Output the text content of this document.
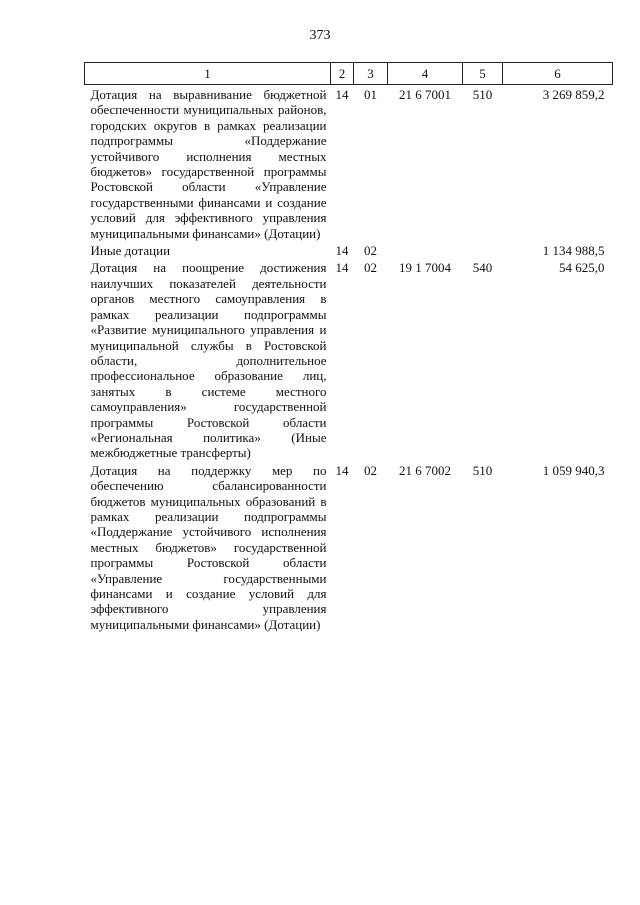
373
1	2	3	4	5	6
Дотация на выравнивание бюджетной обеспеченности муниципальных районов, городских округов в рамках реализации подпрограммы «Поддержание устойчивого исполнения местных бюджетов» государственной программы Ростовской области «Управление государственными финансами и создание условий для эффективного управления муниципальными финансами» (Дотации)	14	01	21 6 7001	510	3 269 859,2
Иные дотации	14	02			1 134 988,5
Дотация на поощрение достижения наилучших показателей деятельности органов местного самоуправления в рамках реализации подпрограммы «Развитие муниципального управления и муниципальной службы в Ростовской области, дополнительное профессиональное образование лиц, занятых в системе местного самоуправления» государственной программы Ростовской области «Региональная политика» (Иные межбюджетные трансферты)	14	02	19 1 7004	540	54 625,0
Дотация на поддержку мер по обеспечению сбалансированности бюджетов муниципальных образований в рамках реализации подпрограммы «Поддержание устойчивого исполнения местных бюджетов» государственной программы Ростовской области «Управление государственными финансами и создание условий для эффективного управления муниципальными финансами» (Дотации)	14	02	21 6 7002	510	1 059 940,3
